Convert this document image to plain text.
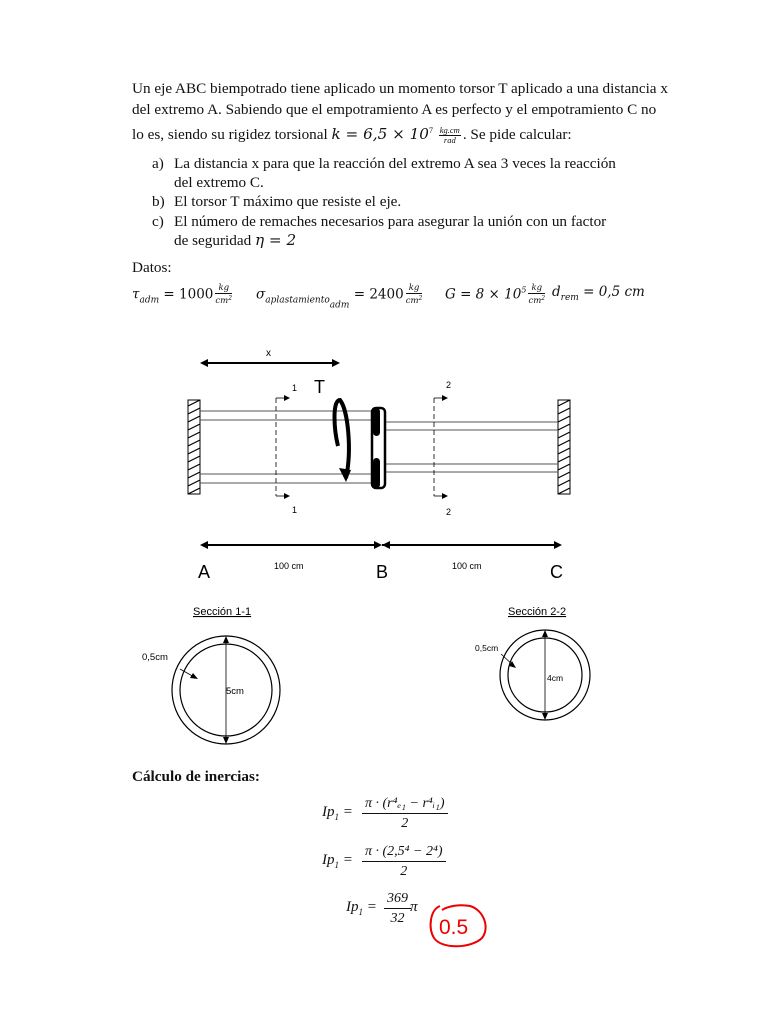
Un eje ABC biempotrado tiene aplicado un momento torsor T aplicado a una distancia x
del extremo A. Sabiendo que el empotramiento A es perfecto y el empotramiento C no
lo es, siendo su rigidez torsional $k = 6,5 \times 10^7 \frac{kg.cm}{\text{rad}}$ . Se pide calcular:
a) La distancia x para que la reacción del extremo A sea 3 veces la reacción del extremo C.
b) El torsor T máximo que resiste el eje.
c) El número de remaches necesarios para asegurar la unión con un factor de seguridad η = 2
Datos:
$\tau_{adm} = 1000 \frac{kg}{cm^2} \sigma_{aplastamientoadm} = 2400 \frac{kg}{cm^2}$ $G = 8 \times 10^5 \frac{kg}{cm^2} d_{rem} = 0,5$ cm
x
T
1
1
2
2
100 cm	100 cm
A	B	C
Sección 1-1
5cm
0,5cm
Sección 2-2
4cm
0,5cm
Cálculo de inercias:
$Ip_1 = \frac{\text{π · (r⁴ₑ₁ − r⁴ᵢ₁)}}{2}$
$Ip_1 = \frac{\text{π · (2,5⁴ − 2⁴)}}{2}$
$Ip_1 = \frac{369}{32}$ π
0.5
